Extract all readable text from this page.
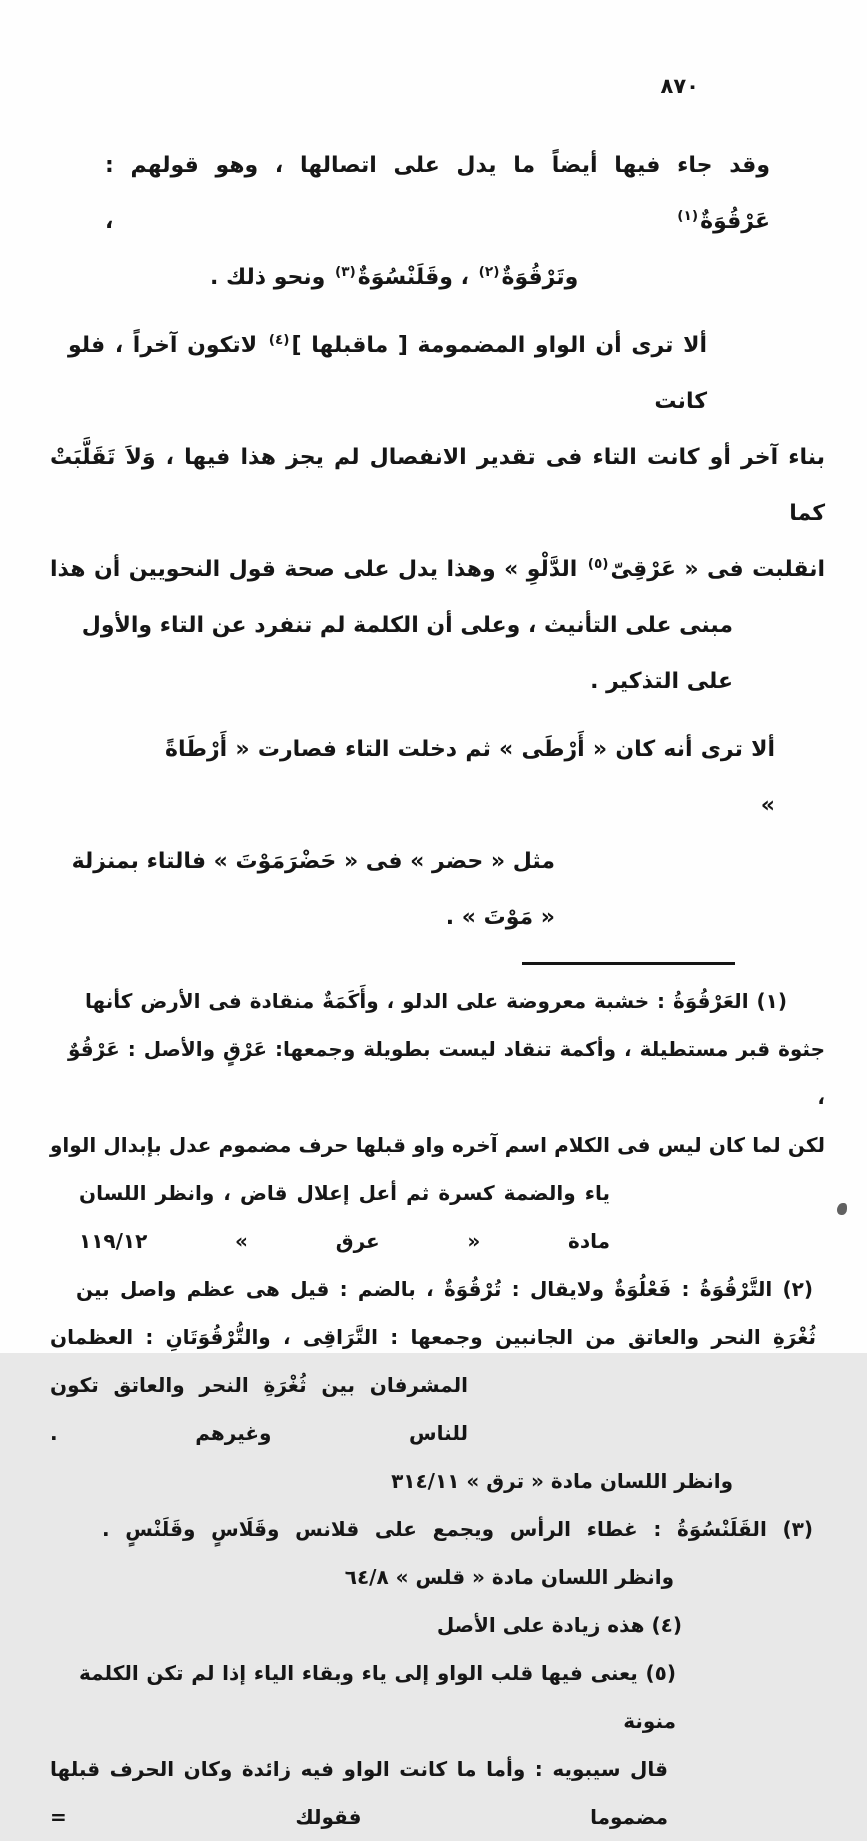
٨٧٠
وقد جاء فيها أيضاً ما يدل على اتصالها ، وهو قولهم : عَرْقُوَةٌ$^{(١)}$ ،
وتَرْقُوَةٌ$^{(٢)}$ ، وقَلَنْسُوَةٌ$^{(٣)}$ ونحو ذلك .
ألا ترى أن الواو المضمومة [ ماقبلها ]$^{(٤)}$ لاتكون آخراً ، فلو كانت
بناء آخر أو كانت التاء فى تقدير الانفصال لم يجز هذا فيها ، وَلاَ تَقَلَّبَتْ كما
انقلبت فى « عَرْقِىّ$^{(٥)}$ الدَّلْوِ » وهذا يدل على صحة قول النحويين أن هذا
مبنى على التأنيث ، وعلى أن الكلمة لم تنفرد عن التاء والأول على التذكير .
ألا ترى أنه كان « أَرْطَى » ثم دخلت التاء فصارت « أَرْطَاةً »
مثل « حضر » فى « حَضْرَمَوْتَ » فالتاء بمنزلة « مَوْتَ » .
(١) العَرْقُوَةُ : خشبة معروضة على الدلو ، وأَكَمَةٌ منقادة فى الأرض كأنها
جثوة قبر مستطيلة ، وأكمة تنقاد ليست بطويلة وجمعها: عَرْقٍ والأصل : عَرْقُوٌ ،
لكن لما كان ليس فى الكلام اسم آخره واو قبلها حرف مضموم عدل بإبدال الواو
ياء والضمة كسرة ثم أعل إعلال قاض ، وانظر اللسان مادة « عرق » ١١٩/١٢
(٢) التَّرْقُوَةُ : فَعْلُوَةٌ ولايقال : تُرْقُوَةٌ ، بالضم : قيل هى عظم واصل بين
ثُغْرَةِ النحر والعاتق من الجانبين وجمعها : التَّرَاقِى ، والتُّرْقُوَتَانِ : العظمان
المشرفان بين ثُغْرَةِ النحر والعاتق تكون للناس وغيرهم .
وانظر اللسان مادة « ترق » ٣١٤/١١
(٣) القَلَنْسُوَةُ : غطاء الرأس ويجمع على قلانس وقَلَاسٍ وقَلَنْسٍ .
وانظر اللسان مادة « قلس » ٦٤/٨
(٤) هذه زيادة على الأصل
(٥) يعنى فيها قلب الواو إلى ياء وبقاء الياء إذا لم تكن الكلمة منونة
قال سيبويه : وأما ما كانت الواو فيه زائدة وكان الحرف قبلها مضموما فقولك =
